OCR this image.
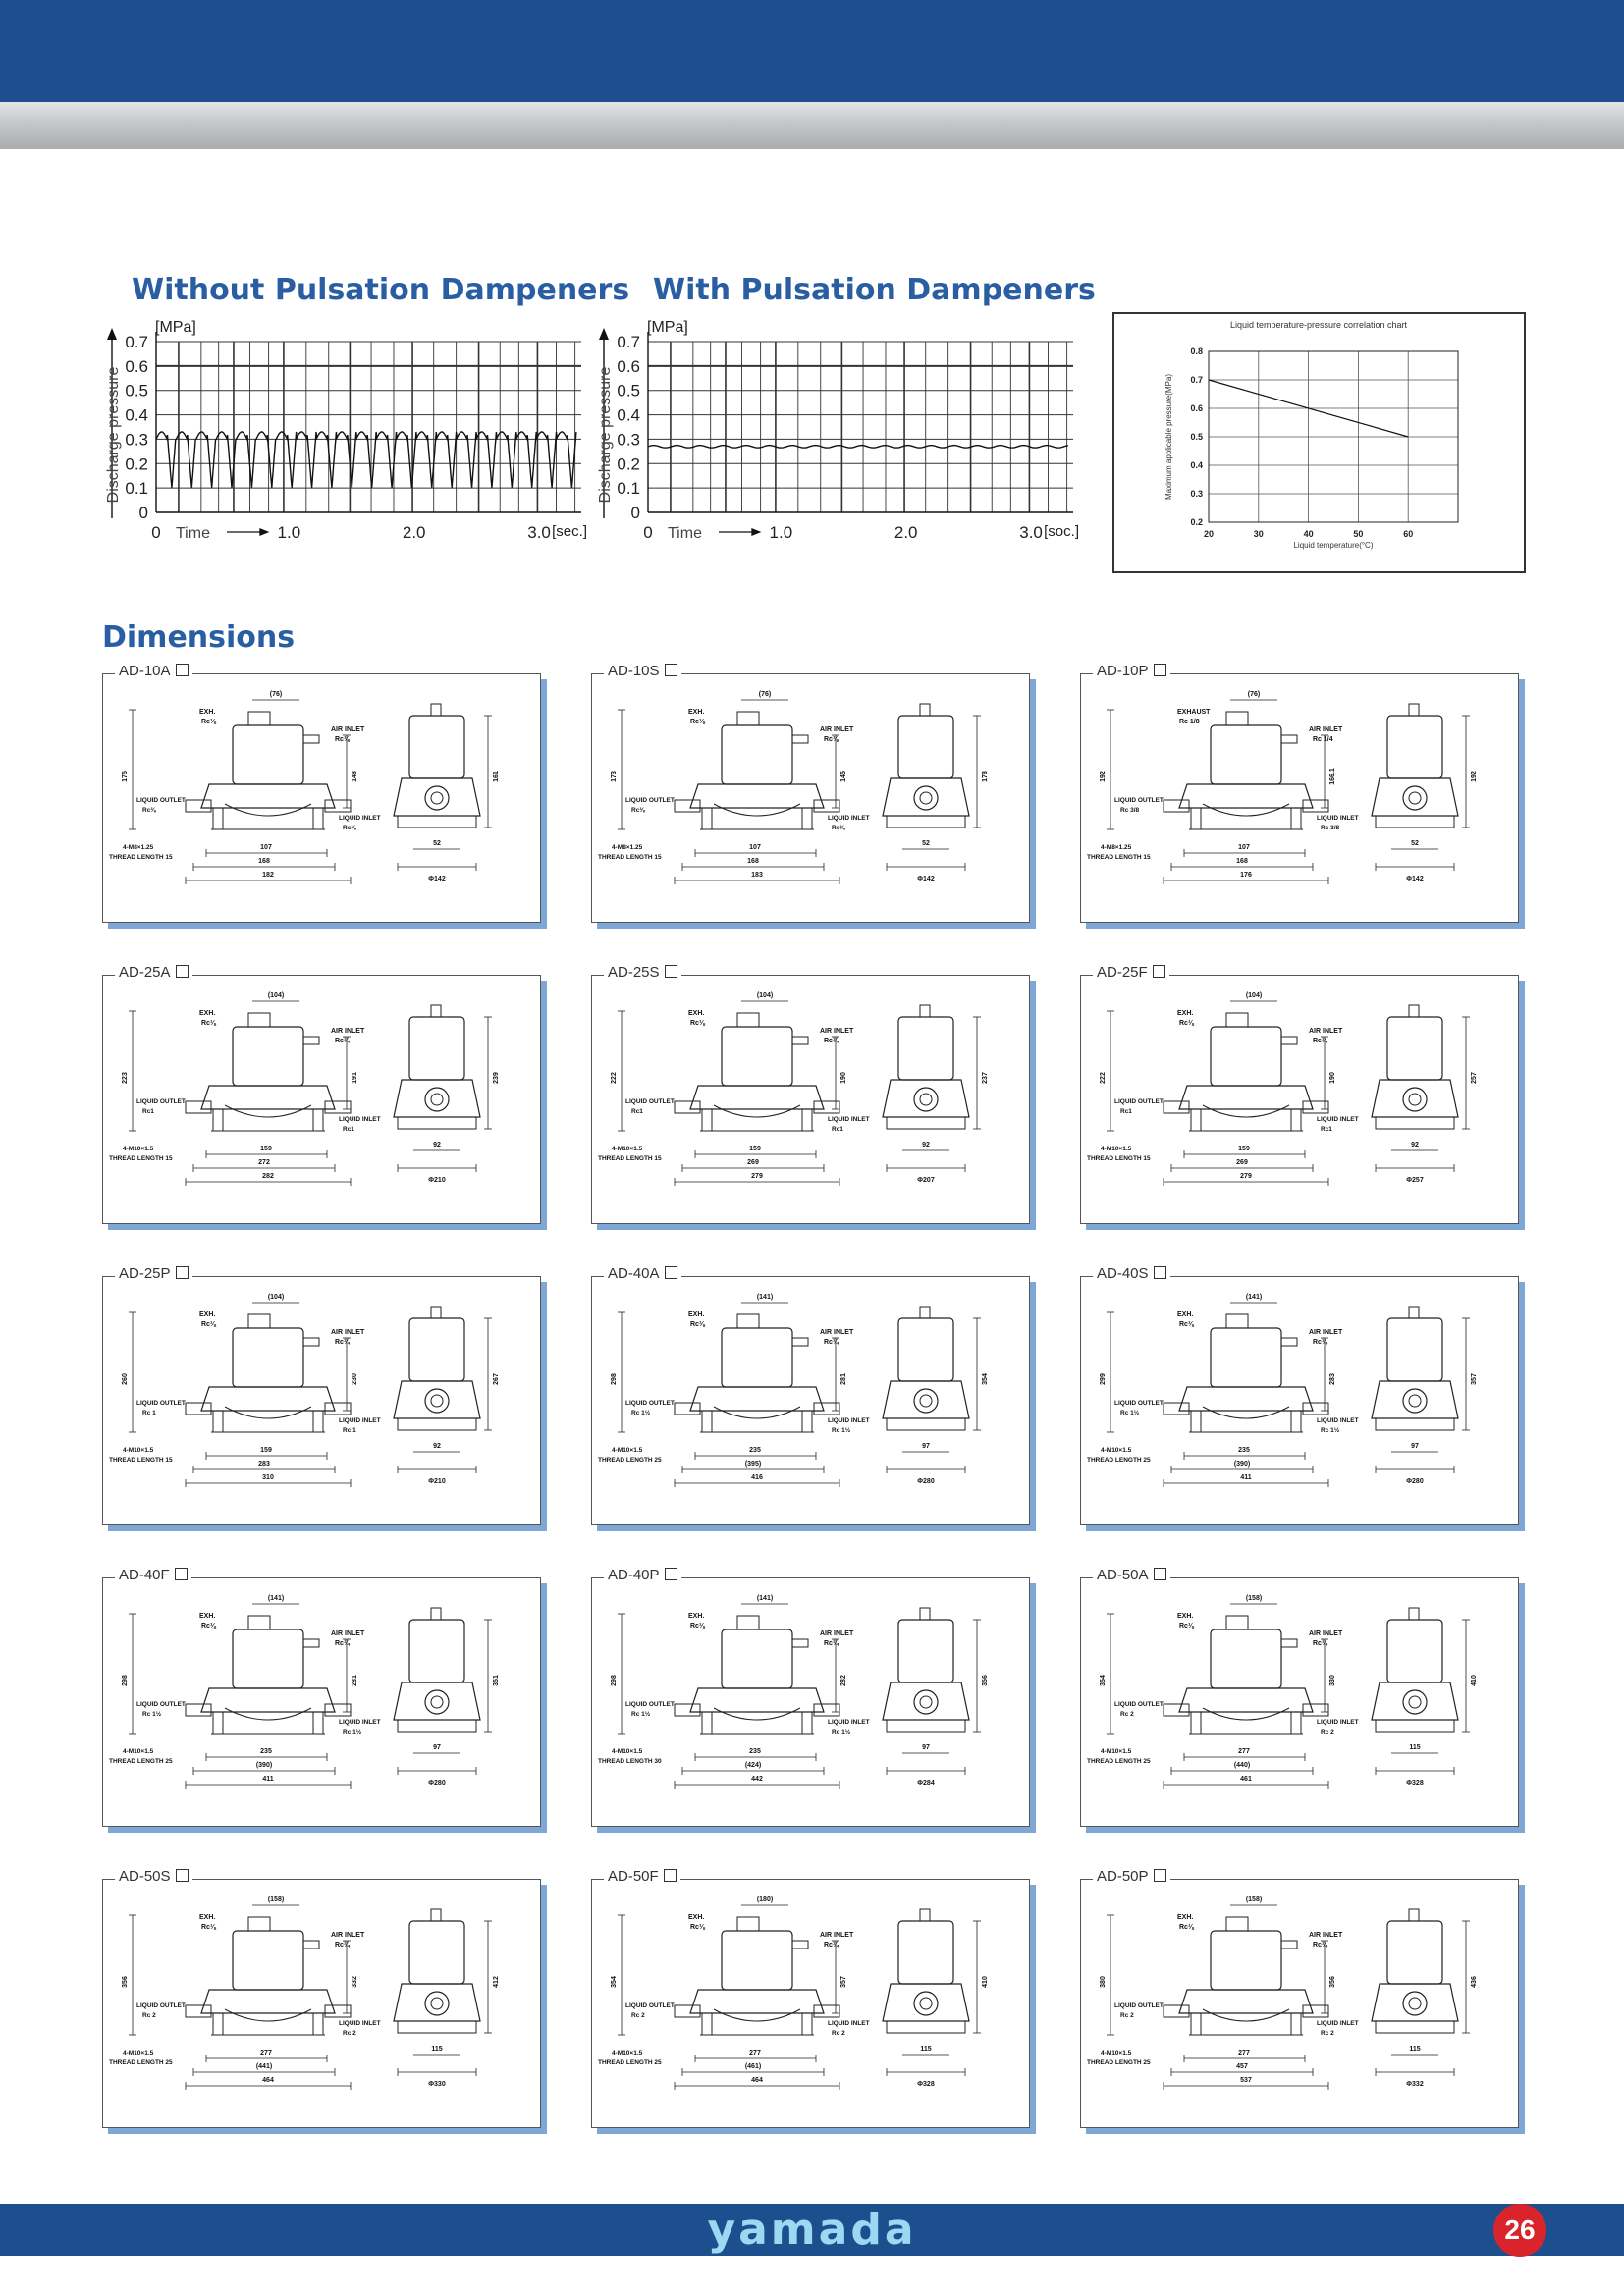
Without Pulsation Dampeners With Pulsation Dampeners
0
0.1
0.2
0.3
0.4
0.5
0.6
0.7
[MPa]
Discharge pressure
0	1.0	2.0	3.0
Time	[sec.]
0
0.1
0.2
0.3
0.4
0.5
0.6
0.7
[MPa]
Discharge pressure
0	1.0	2.0	3.0
Time	[soc.]
Liquid temperature-pressure correlation chart
0.2
0.3
0.4
0.5
0.6
0.7
0.8
20	30	40	50	60
Liquid temperature(°C)
Maximum applicable pressure(MPa)
Dimensions
AD-10A
(76)
EXH.
Rc⅛
AIR INLET
Rc⅛
LIQUID OUTLET
Rc⅜
LIQUID INLET
Rc⅜
4-M8×1.25
THREAD LENGTH 15
175	148	161
107
168
182
52
Φ142
AD-10S
(76)
EXH.
Rc⅛
AIR INLET
Rc⅛
LIQUID OUTLET
Rc⅜
LIQUID INLET
Rc⅜
4-M8×1.25
THREAD LENGTH 15
173	145	178
107
168
183
52
Φ142
AD-10P
(76)
EXHAUST
Rc 1/8
AIR INLET
Rc 1/4
LIQUID OUTLET
Rc 3/8
LIQUID INLET
Rc 3/8
4-M8×1.25
THREAD LENGTH 15
192	166.1	192
107
168
176
52
Φ142
AD-25A
(104)
EXH.
Rc⅛
AIR INLET
Rc¼
LIQUID OUTLET
Rc1
LIQUID INLET
Rc1
4-M10×1.5
THREAD LENGTH 15
223	191	239
159
272
282
92
Φ210
AD-25S
(104)
EXH.
Rc⅛
AIR INLET
Rc¼
LIQUID OUTLET
Rc1
LIQUID INLET
Rc1
4-M10×1.5
THREAD LENGTH 15
222	190	237
159
269
279
92
Φ207
AD-25F
(104)
EXH.
Rc⅛
AIR INLET
Rc¼
LIQUID OUTLET
Rc1
LIQUID INLET
Rc1
4-M10×1.5
THREAD LENGTH 15
222	190	257
159
269
279
92
Φ257
AD-25P
(104)
EXH.
Rc⅛
AIR INLET
Rc¼
LIQUID OUTLET
Rc 1
LIQUID INLET
Rc 1
4-M10×1.5
THREAD LENGTH 15
260	230	267
159
283
310
92
Φ210
AD-40A
(141)
EXH.
Rc⅛
AIR INLET
Rc¼
LIQUID OUTLET
Rc 1½
LIQUID INLET
Rc 1½
4-M10×1.5
THREAD LENGTH 25
298	281	354
235
(395)
416
97
Φ280
AD-40S
(141)
EXH.
Rc⅛
AIR INLET
Rc¼
LIQUID OUTLET
Rc 1½
LIQUID INLET
Rc 1½
4-M10×1.5
THREAD LENGTH 25
299	283	357
235
(390)
411
97
Φ280
AD-40F
(141)
EXH.
Rc⅛
AIR INLET
Rc¼
LIQUID OUTLET
Rc 1½
LIQUID INLET
Rc 1½
4-M10×1.5
THREAD LENGTH 25
298	281	351
235
(390)
411
97
Φ280
AD-40P
(141)
EXH.
Rc⅛
AIR INLET
Rc¼
LIQUID OUTLET
Rc 1½
LIQUID INLET
Rc 1½
4-M10×1.5
THREAD LENGTH 30
298	282	356
235
(424)
442
97
Φ284
AD-50A
(158)
EXH.
Rc⅛
AIR INLET
Rc¼
LIQUID OUTLET
Rc 2
LIQUID INLET
Rc 2
4-M10×1.5
THREAD LENGTH 25
354	330	410
277
(440)
461
115
Φ328
AD-50S
(158)
EXH.
Rc⅛
AIR INLET
Rc¼
LIQUID OUTLET
Rc 2
LIQUID INLET
Rc 2
4-M10×1.5
THREAD LENGTH 25
356	332	412
277
(441)
464
115
Φ330
AD-50F
(180)
EXH.
Rc⅛
AIR INLET
Rc¼
LIQUID OUTLET
Rc 2
LIQUID INLET
Rc 2
4-M10×1.5
THREAD LENGTH 25
354	357	410
277
(461)
464
115
Φ328
AD-50P
(158)
EXH.
Rc⅛
AIR INLET
Rc¼
LIQUID OUTLET
Rc 2
LIQUID INLET
Rc 2
4-M10×1.5
THREAD LENGTH 25
380	356	436
277
457
537
115
Φ332
yamada	26
